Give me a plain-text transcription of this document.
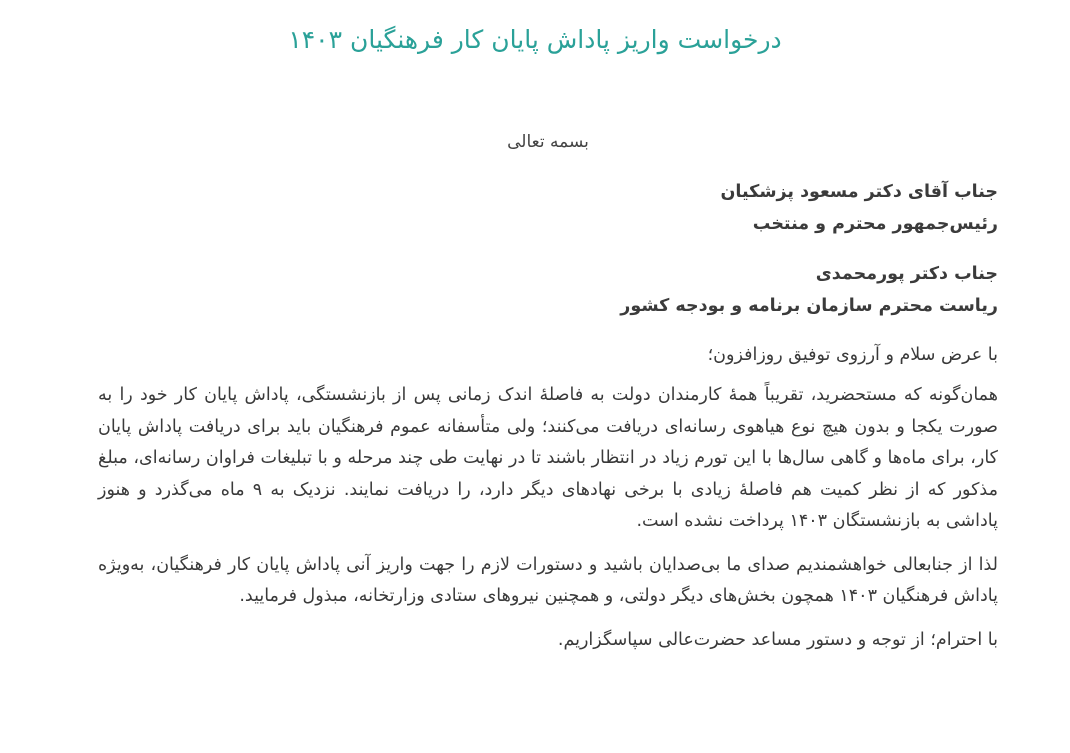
درخواست واریز پاداش پایان کار فرهنگیان ۱۴۰۳

بسمه تعالی

جناب آقای دکتر مسعود پزشکیان
رئیس‌جمهور محترم و منتخب
جناب دکتر پورمحمدی
ریاست محترم سازمان برنامه و بودجه کشور

با عرض سلام و آرزوی توفیق روزافزون؛

همان‌گونه که مستحضرید، تقریباً همهٔ کارمندان دولت به فاصلهٔ اندک زمانی پس از بازنشستگی، پاداش پایان کار خود را به صورت یکجا و بدون هیچ نوع هیاهوی رسانه‌ای دریافت می‌کنند؛ ولی متأسفانه عموم فرهنگیان باید برای دریافت پاداش پایان کار، برای ماه‌ها و گاهی سال‌ها با این تورم زیاد در انتظار باشند تا در نهایت طی چند مرحله و با تبلیغات فراوان رسانه‌ای، مبلغ مذکور که از نظر کمیت هم فاصلهٔ زیادی با برخی نهادهای دیگر دارد، را دریافت نمایند. نزدیک به ۹ ماه می‌گذرد و هنوز پاداشی به بازنشستگان ۱۴۰۳ پرداخت نشده است.

لذا از جنابعالی خواهشمندیم صدای ما بی‌صدایان باشید و دستورات لازم را جهت واریز آنی پاداش پایان کار فرهنگیان، به‌ویژه پاداش فرهنگیان ۱۴۰۳ همچون بخش‌های دیگر دولتی، و همچنین نیروهای ستادی وزارتخانه، مبذول فرمایید.

با احترام؛ از توجه و دستور مساعد حضرت‌عالی سپاسگزاریم.
